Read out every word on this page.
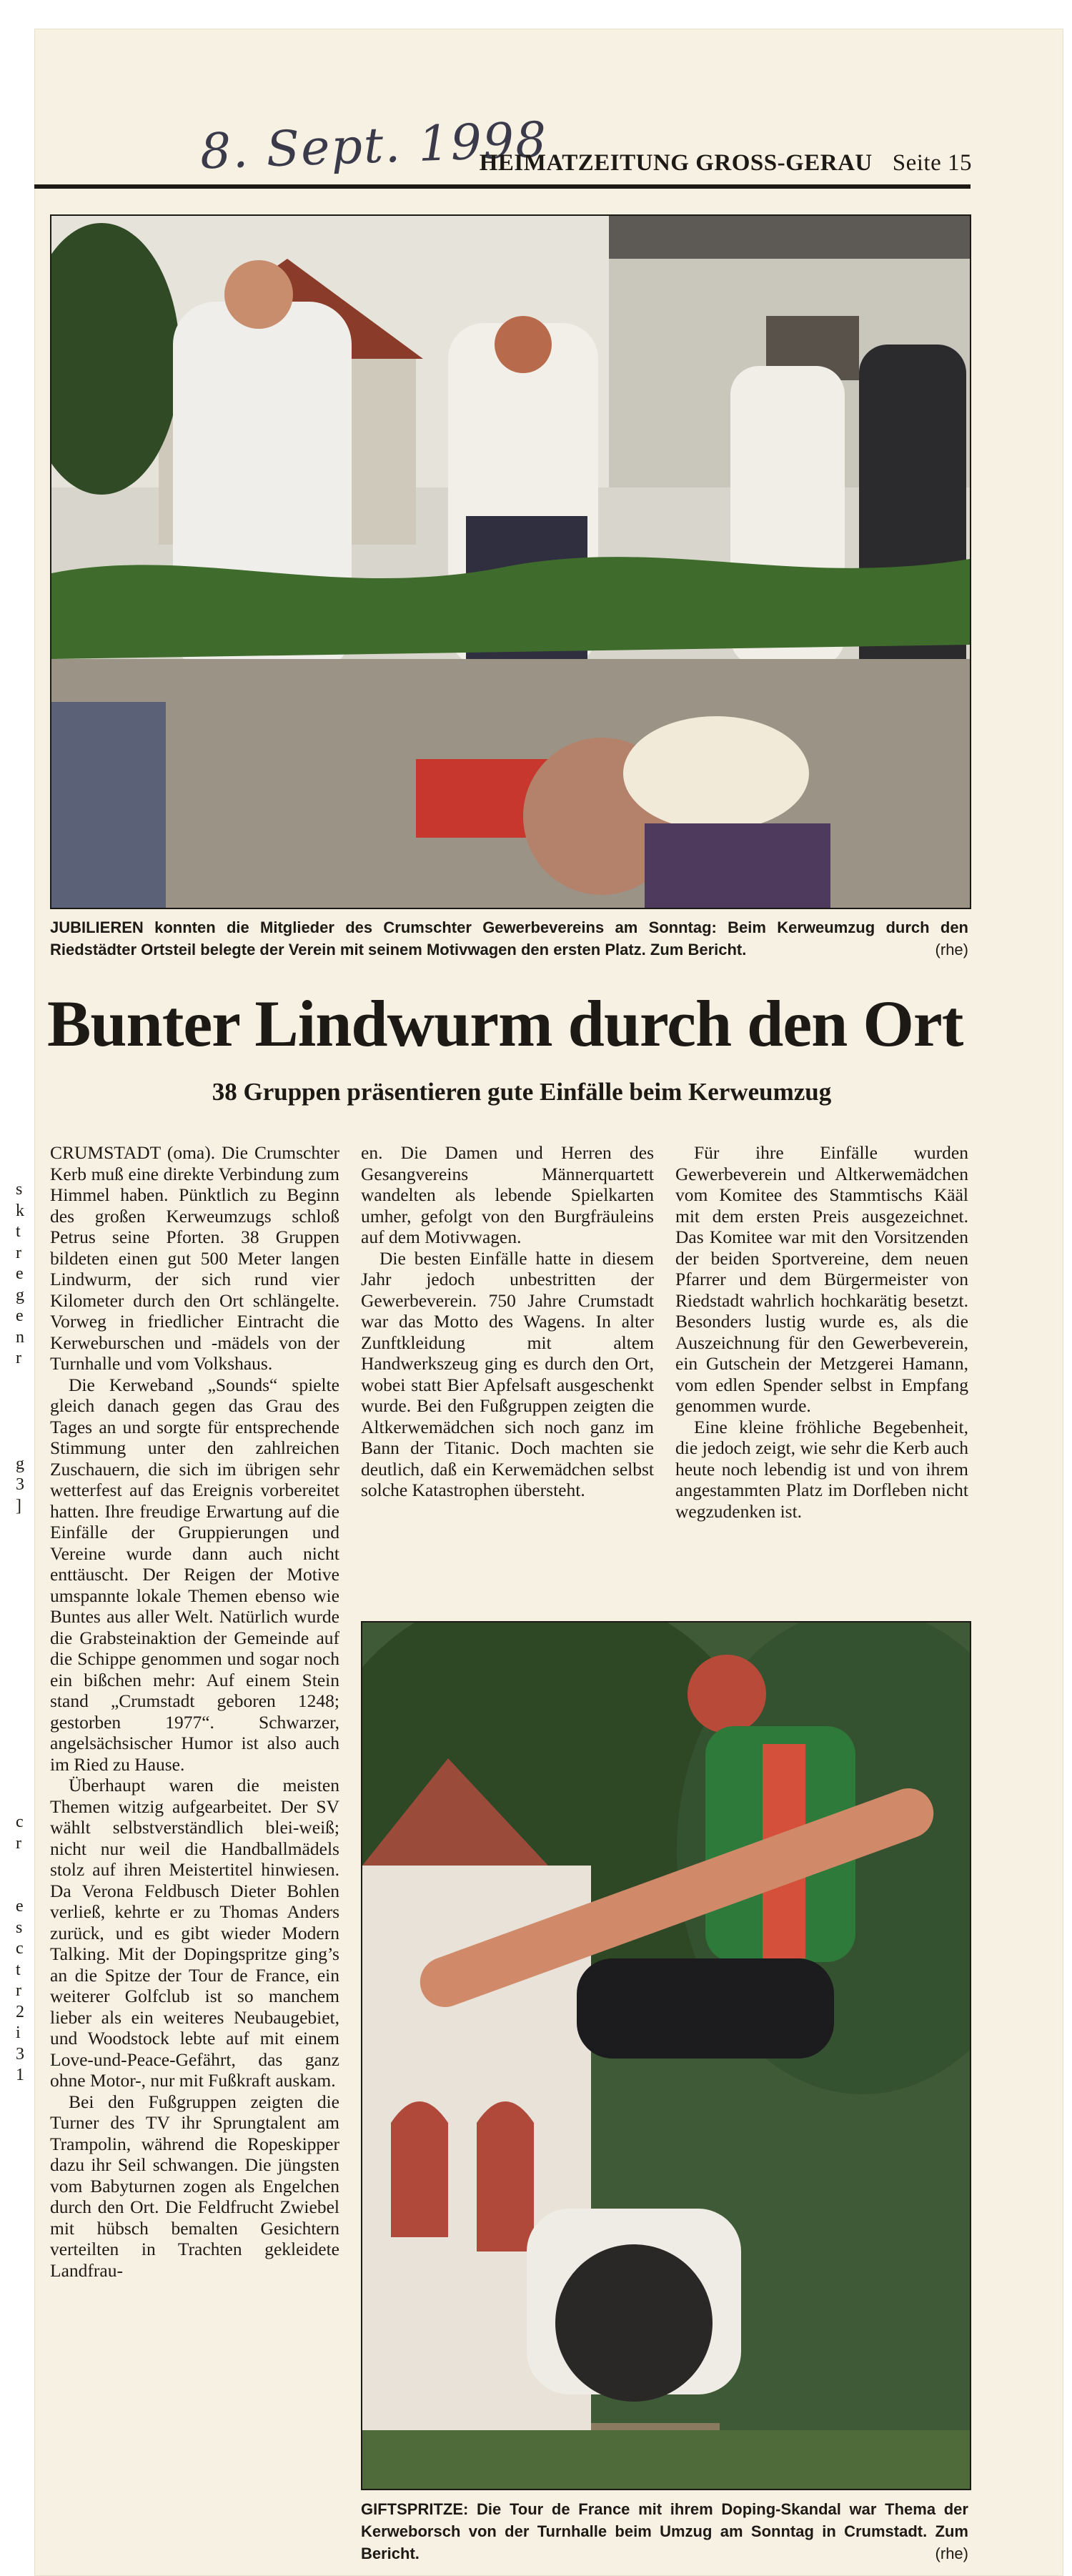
8. Sept. 1998
HEIMATZEITUNG GROSS-GERAU Seite 15
JUBILIEREN konnten die Mitglieder des Crumschter Gewerbevereins am Sonntag: Beim Kerweumzug durch den Riedstädter Ortsteil belegte der Verein mit seinem Motivwagen den ersten Platz. Zum Bericht.	(rhe)
Bunter Lindwurm durch den Ort
38 Gruppen präsentieren gute Einfälle beim Kerweumzug
s
k
t
r
e
g
e
n
r

g
3
]

c
r

e
s
c
t
r
2
i
3
1

CRUMSTADT (oma). Die Crumschter Kerb muß eine direkte Verbindung zum Himmel haben. Pünktlich zu Beginn des großen Kerweumzugs schloß Petrus seine Pforten. 38 Gruppen bildeten einen gut 500 Meter langen Lindwurm, der sich rund vier Kilometer durch den Ort schlängelte. Vorweg in friedlicher Eintracht die Kerweburschen und -mädels von der Turnhalle und vom Volkshaus.

Die Kerweband „Sounds“ spielte gleich danach gegen das Grau des Tages an und sorgte für entsprechende Stimmung unter den zahlreichen Zuschauern, die sich im übrigen sehr wetterfest auf das Ereignis vorbereitet hatten. Ihre freudige Erwartung auf die Einfälle der Gruppierungen und Vereine wurde dann auch nicht enttäuscht. Der Reigen der Motive umspannte lokale Themen ebenso wie Buntes aus aller Welt. Natürlich wurde die Grabsteinaktion der Gemeinde auf die Schippe genommen und sogar noch ein bißchen mehr: Auf einem Stein stand „Crumstadt geboren 1248; gestorben 1977“. Schwarzer, angelsächsischer Humor ist also auch im Ried zu Hause.

Überhaupt waren die meisten Themen witzig aufgearbeitet. Der SV wählt selbstverständlich blei-weiß; nicht nur weil die Handballmädels stolz auf ihren Meistertitel hinwiesen. Da Verona Feldbusch Dieter Bohlen verließ, kehrte er zu Thomas Anders zurück, und es gibt wieder Modern Talking. Mit der Dopingspritze ging’s an die Spitze der Tour de France, ein weiterer Golfclub ist so manchem lieber als ein weiteres Neubaugebiet, und Woodstock lebte auf mit einem Love-und-Peace-Gefährt, das ganz ohne Motor-, nur mit Fußkraft auskam.

Bei den Fußgruppen zeigten die Turner des TV ihr Sprungtalent am Trampolin, während die Ropeskipper dazu ihr Seil schwangen. Die jüngsten vom Babyturnen zogen als Engelchen durch den Ort. Die Feldfrucht Zwiebel mit hübsch bemalten Gesichtern verteilten in Trachten gekleidete Landfrau-

en. Die Damen und Herren des Gesangvereins Männerquartett wandelten als lebende Spielkarten umher, gefolgt von den Burgfräuleins auf dem Motivwagen.

Die besten Einfälle hatte in diesem Jahr jedoch unbestritten der Gewerbeverein. 750 Jahre Crumstadt war das Motto des Wagens. In alter Zunftkleidung mit altem Handwerkszeug ging es durch den Ort, wobei statt Bier Apfelsaft ausgeschenkt wurde. Bei den Fußgruppen zeigten die Altkerwemädchen sich noch ganz im Bann der Titanic. Doch machten sie deutlich, daß ein Kerwemädchen selbst solche Katastrophen übersteht.

Für ihre Einfälle wurden Gewerbeverein und Altkerwemädchen vom Komitee des Stammtischs Kääl mit dem ersten Preis ausgezeichnet. Das Komitee war mit den Vorsitzenden der beiden Sportvereine, dem neuen Pfarrer und dem Bürgermeister von Riedstadt wahrlich hochkarätig besetzt. Besonders lustig wurde es, als die Auszeichnung für den Gewerbeverein, ein Gutschein der Metzgerei Hamann, vom edlen Spender selbst in Empfang genommen wurde.

Eine kleine fröhliche Begebenheit, die jedoch zeigt, wie sehr die Kerb auch heute noch lebendig ist und von ihrem angestammten Platz im Dorfleben nicht wegzudenken ist.

GIFTSPRITZE: Die Tour de France mit ihrem Doping-Skandal war Thema der Kerweborsch von der Turnhalle beim Umzug am Sonntag in Crumstadt. Zum Bericht.	(rhe)
